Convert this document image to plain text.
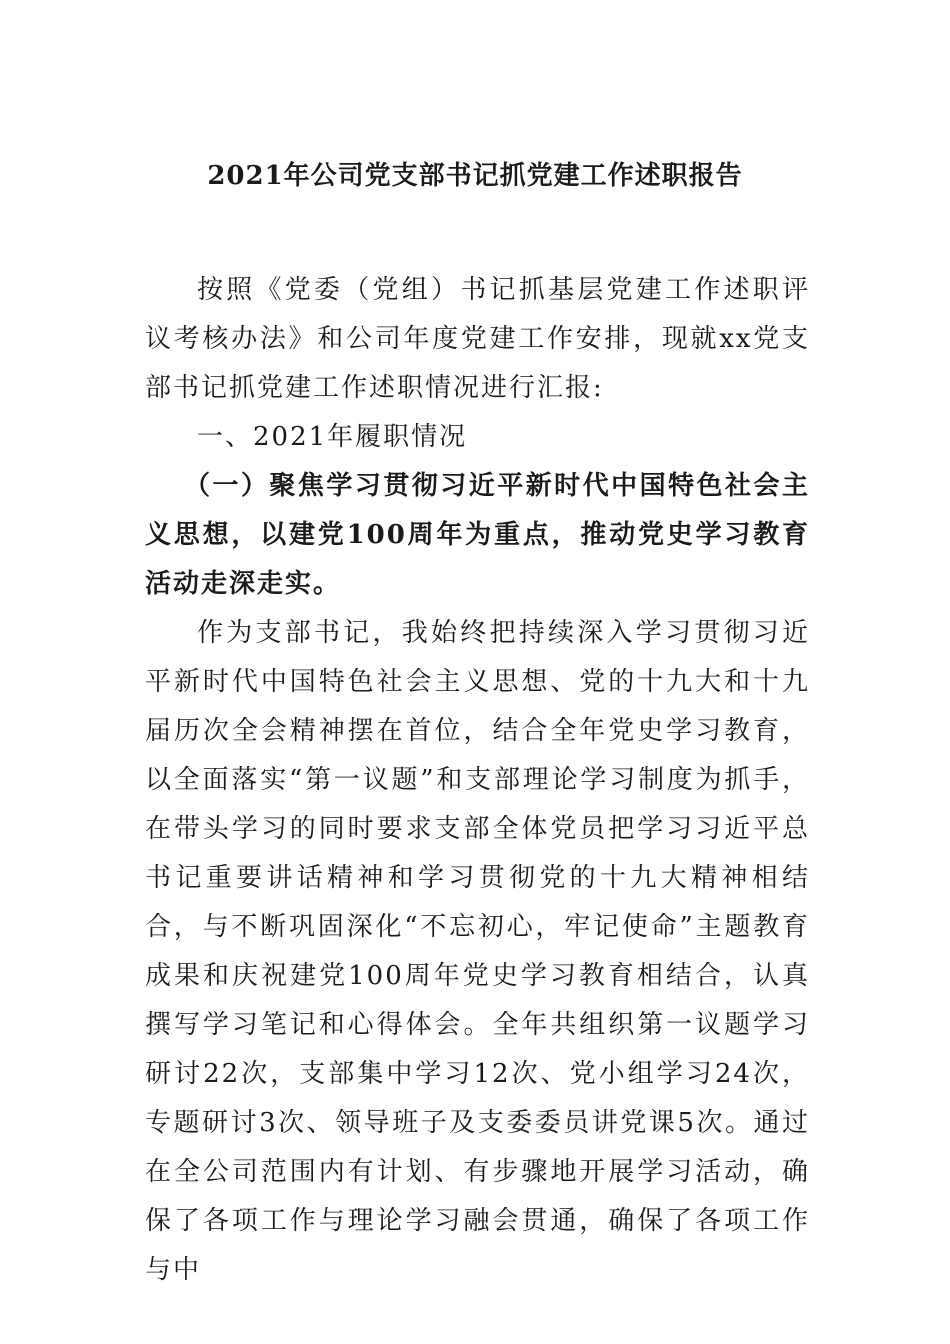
2021年公司党支部书记抓党建工作述职报告

按照《党委（党组）书记抓基层党建工作述职评议考核办法》和公司年度党建工作安排，现就xx党支部书记抓党建工作述职情况进行汇报:

一、2021年履职情况

（一）聚焦学习贯彻习近平新时代中国特色社会主义思想，以建党100周年为重点，推动党史学习教育活动走深走实。

作为支部书记，我始终把持续深入学习贯彻习近平新时代中国特色社会主义思想、党的十九大和十九届历次全会精神摆在首位，结合全年党史学习教育，以全面落实“第一议题”和支部理论学习制度为抓手，在带头学习的同时要求支部全体党员把学习习近平总书记重要讲话精神和学习贯彻党的十九大精神相结合，与不断巩固深化“不忘初心，牢记使命”主题教育成果和庆祝建党100周年党史学习教育相结合，认真撰写学习笔记和心得体会。全年共组织第一议题学习研讨22次，支部集中学习12次、党小组学习24次，专题研讨3次、领导班子及支委委员讲党课5次。通过在全公司范围内有计划、有步骤地开展学习活动，确保了各项工作与理论学习融会贯通，确保了各项工作与中
